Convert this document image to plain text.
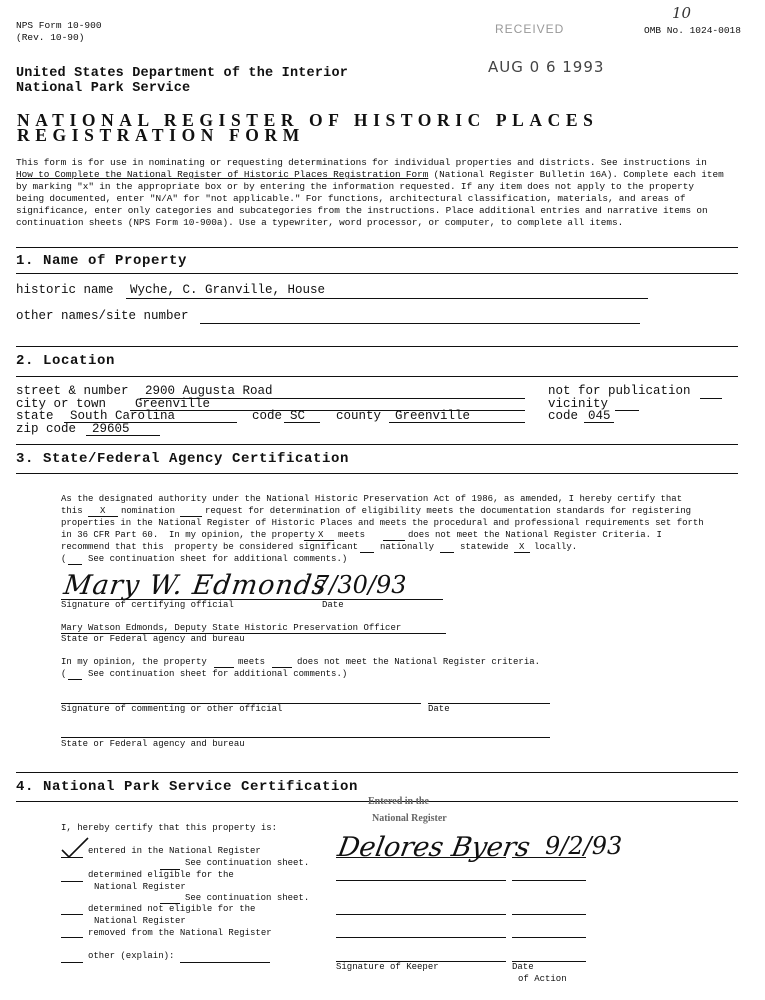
NPS Form 10-900
(Rev. 10-90)
OMB No. 1024-0018
10
RECEIVED
AUG 0 6 1993
United States Department of the Interior
National Park Service
NATIONAL REGISTER OF HISTORIC PLACES
REGISTRATION FORM
This form is for use in nominating or requesting determinations for individual properties and districts. See instructions in How to Complete the National Register of Historic Places Registration Form (National Register Bulletin 16A). Complete each item by marking "x" in the appropriate box or by entering the information requested. If any item does not apply to the property being documented, enter "N/A" for "not applicable." For functions, architectural classification, materials, and areas of significance, enter only categories and subcategories from the instructions. Place additional entries and narrative items on continuation sheets (NPS Form 10-900a). Use a typewriter, word processor, or computer, to complete all items.
1. Name of Property
historic name Wyche, C. Granville, House
other names/site number
2. Location
street & number 2900 Augusta Road	not for publication
city or town Greenville	vicinity
state South Carolina	code SC county Greenville	code 045
zip code 29605
3. State/Federal Agency Certification
As the designated authority under the National Historic Preservation Act of 1986, as amended, I hereby certify that
this X nomination	request for determination of eligibility meets the documentation standards for registering
properties in the National Register of Historic Places and meets the procedural and professional requirements set forth
in 36 CFR Part 60.  In my opinion, the property X meets	does not meet the National Register Criteria. I
recommend that this  property be considered significant nationally	statewide X locally.
(    See continuation sheet for additional comments.)
Mary W. Edmonds
7/30/93
Signature of certifying official	Date
Mary Watson Edmonds, Deputy State Historic Preservation Officer
State or Federal agency and bureau
In my opinion, the property	meets	does not meet the National Register criteria.
(    See continuation sheet for additional comments.)
Signature of commenting or other official	Date
State or Federal agency and bureau
4. National Park Service Certification
Entered in the
National Register
I, hereby certify that this property is:
entered in the National Register
See continuation sheet.
determined eligible for the
National Register
See continuation sheet.
determined not eligible for the
National Register
removed from the National Register
other (explain):
Delores Byers 9/2/93
Signature of Keeper	Date
of Action
